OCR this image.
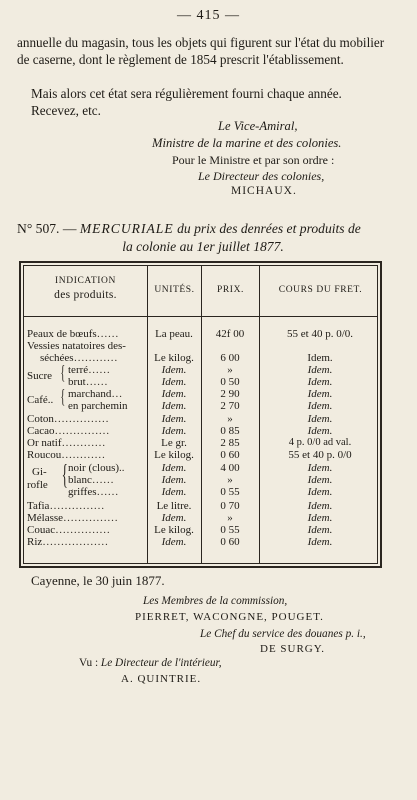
— 415 —
annuelle du magasin, tous les objets qui figurent sur l'état du mobilier de caserne, dont le règlement de 1854 prescrit l'établissement.
Mais alors cet état sera régulièrement fourni chaque année.
Recevez, etc.
Le Vice-Amiral,
Ministre de la marine et des colonies.
Pour le Ministre et par son ordre :
Le Directeur des colonies,
MICHAUX.
N° 507. — MERCURIALE du prix des denrées et produits de
la colonie au 1er juillet 1877.
INDICATION
des produits.	UNITÉS.	PRIX.	COURS DU FRET.
Peaux de bœufs……	La peau.	42f 00	55 et 40 p. 0/0.
Vessies natatoires des-
séchées…………	Le kilog.	6 00	Idem.
Sucre { terré……	Idem.	»	Idem.
brut……	Idem.	0 50	Idem.
Café.. { marchand…	Idem.	2 90	Idem.
en parchemin	Idem.	2 70	Idem.
Coton……………	Idem.	»	Idem.
Cacao……………	Idem.	0 85	Idem.
Or natif…………	Le gr.	2 85	4 p. 0/0 ad val.
Roucou…………	Le kilog.	0 60	55 et 40 p. 0/0
Gi-
rofle { noir (clous)..	Idem.	4 00	Idem.
blanc……	Idem.	»	Idem.
griffes……	Idem.	0 55	Idem.
Tafia……………	Le litre.	0 70	Idem.
Mélasse……………	Idem.	»	Idem.
Couac……………	Le kilog.	0 55	Idem.
Riz………………	Idem.	0 60	Idem.
Cayenne, le 30 juin 1877.
Les Membres de la commission,
PIERRET, WACONGNE, POUGET.
Le Chef du service des douanes p. i.,
DE SURGY.
Vu : Le Directeur de l'intérieur,
A. QUINTRIE.
